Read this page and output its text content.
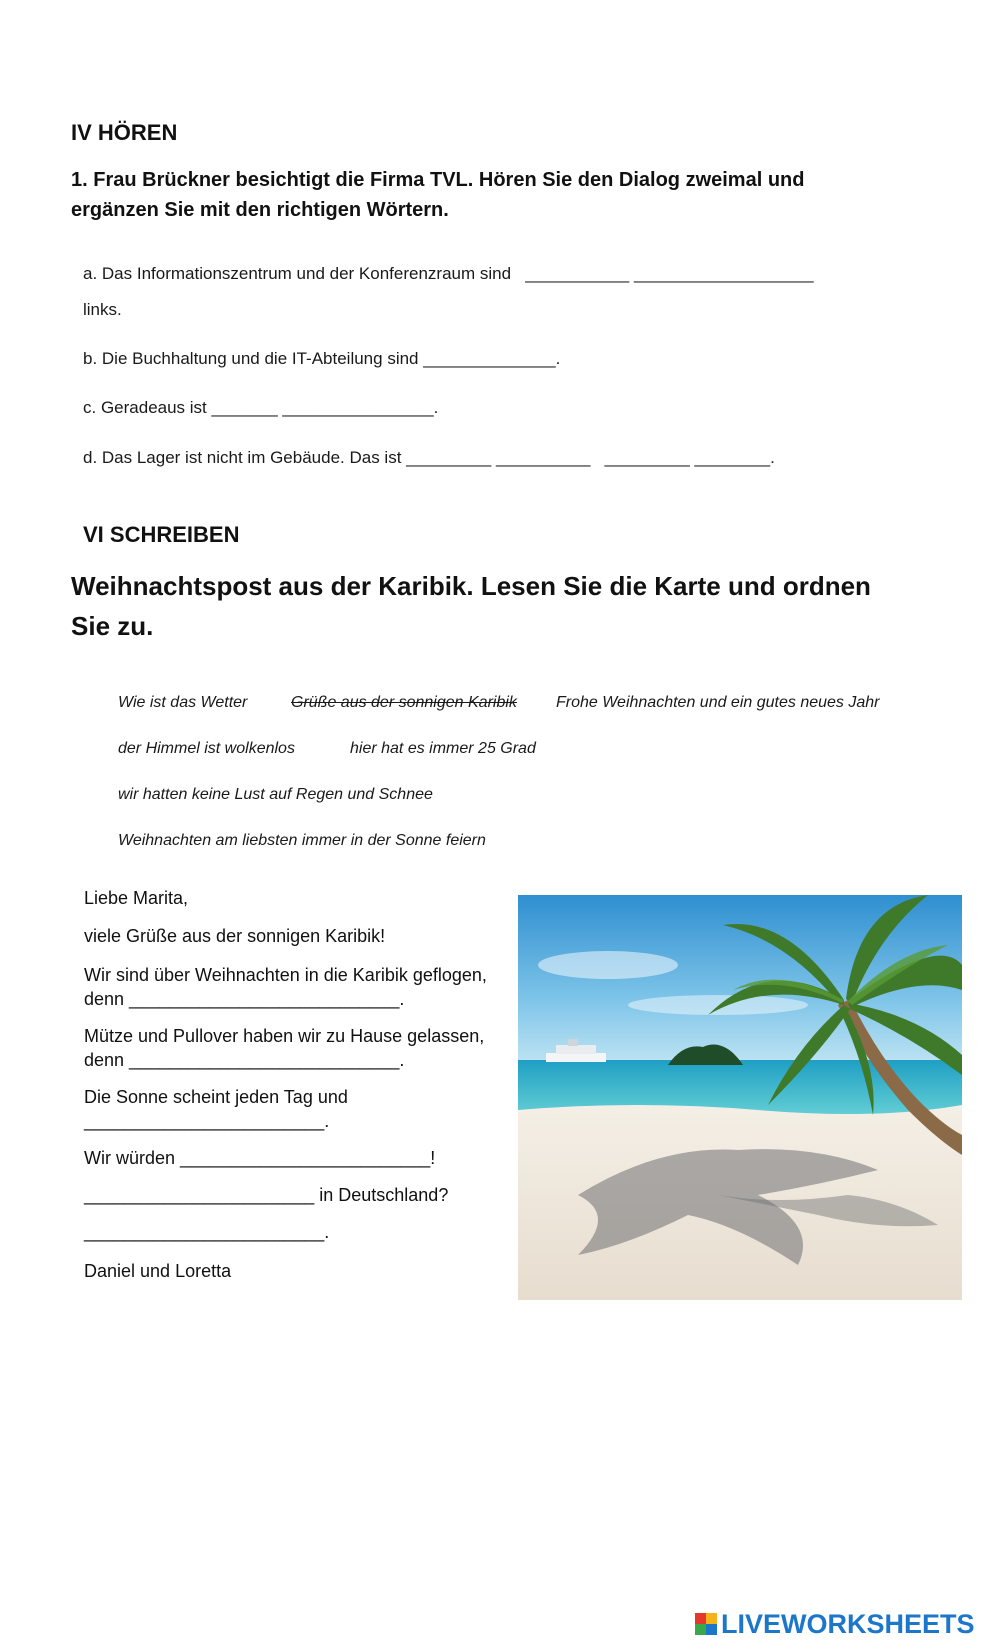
IV HÖREN
1. Frau Brückner besichtigt die Firma TVL. Hören Sie den Dialog zweimal und ergänzen Sie mit den richtigen Wörtern.
a. Das Informationszentrum und der Konferenzraum sind   ___________ ___________________
links.
b. Die Buchhaltung und die IT-Abteilung sind ______________.
c. Geradeaus ist _______ ________________.
d. Das Lager ist nicht im Gebäude. Das ist _________ __________   _________ ________.
VI SCHREIBEN
Weihnachtspost aus der Karibik. Lesen Sie die Karte und ordnen Sie zu.
Wie ist das Wetter	Grüße aus der sonnigen Karibik Frohe Weihnachten und ein gutes neues Jahr
der Himmel ist wolkenlos	hier hat es immer 25 Grad
wir hatten keine Lust auf Regen und Schnee
Weihnachten am liebsten immer in der Sonne feiern
Liebe Marita,
viele Grüße aus der sonnigen Karibik!
Wir sind über Weihnachten in die Karibik geflogen,
denn ___________________________.
Mütze und Pullover haben wir zu Hause gelassen,
denn ___________________________.
Die Sonne scheint jeden Tag und
________________________.
Wir würden _________________________!
_______________________ in Deutschland?
________________________.
Daniel und Loretta
LIVEWORKSHEETS
